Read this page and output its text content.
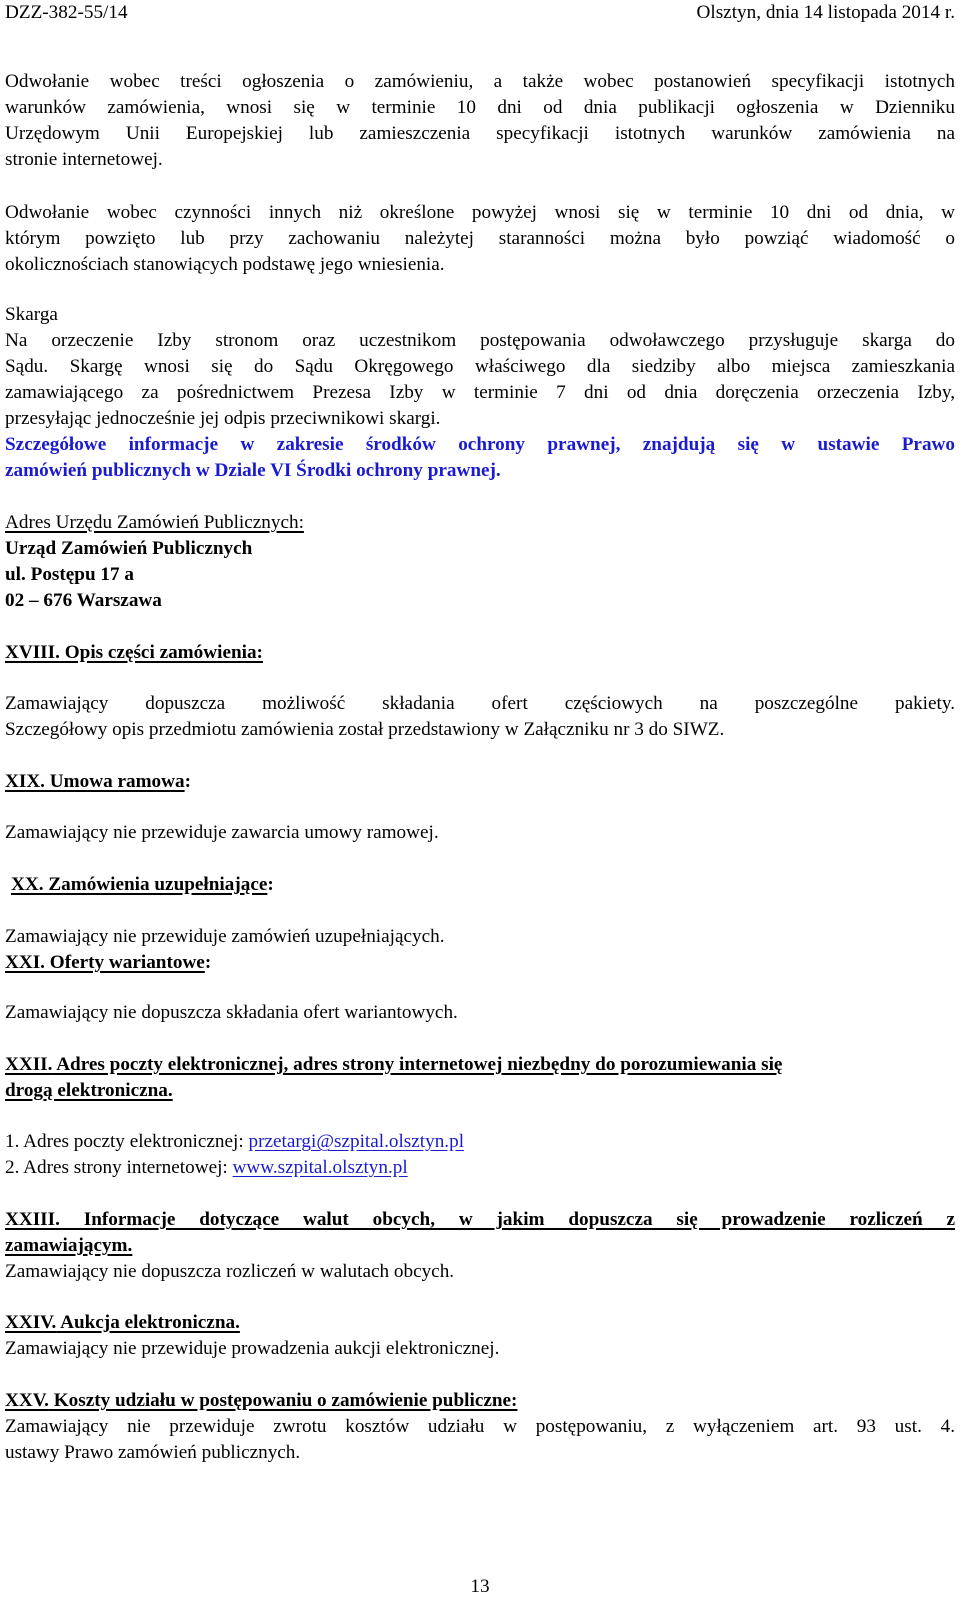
DZZ-382-55/14	Olsztyn, dnia 14 listopada 2014 r.
Odwołanie wobec treści ogłoszenia o zamówieniu, a także wobec postanowień specyfikacji istotnych
warunków zamówienia, wnosi się w terminie 10 dni od dnia publikacji ogłoszenia w Dzienniku
Urzędowym Unii Europejskiej lub zamieszczenia specyfikacji istotnych warunków zamówienia na
stronie internetowej.
Odwołanie wobec czynności innych niż określone powyżej wnosi się w terminie 10 dni od dnia, w
którym powzięto lub przy zachowaniu należytej staranności można było powziąć wiadomość o
okolicznościach stanowiących podstawę jego wniesienia.
Skarga
Na orzeczenie Izby stronom oraz uczestnikom postępowania odwoławczego przysługuje skarga do
Sądu. Skargę wnosi się do Sądu Okręgowego właściwego dla siedziby albo miejsca zamieszkania
zamawiającego za pośrednictwem Prezesa Izby w terminie 7 dni od dnia doręczenia orzeczenia Izby,
przesyłając jednocześnie jej odpis przeciwnikowi skargi.
Szczegółowe informacje w zakresie środków ochrony prawnej, znajdują się w ustawie Prawo
zamówień publicznych w Dziale VI Środki ochrony prawnej.
Adres Urzędu Zamówień Publicznych:
Urząd Zamówień Publicznych
ul. Postępu 17 a
02 – 676 Warszawa
XVIII. Opis części zamówienia:
Zamawiający dopuszcza możliwość składania ofert częściowych na poszczególne pakiety.
Szczegółowy opis przedmiotu zamówienia został przedstawiony w Załączniku nr 3 do SIWZ.
XIX. Umowa ramowa:
Zamawiający nie przewiduje zawarcia umowy ramowej.
XX. Zamówienia uzupełniające:
Zamawiający nie przewiduje zamówień uzupełniających.
XXI. Oferty wariantowe:
Zamawiający nie dopuszcza składania ofert wariantowych.
XXII. Adres poczty elektronicznej, adres strony internetowej niezbędny do porozumiewania się
drogą elektroniczna.
1. Adres poczty elektronicznej: przetargi@szpital.olsztyn.pl
2. Adres strony internetowej: www.szpital.olsztyn.pl
XXIII. Informacje dotyczące walut obcych, w jakim dopuszcza się prowadzenie rozliczeń z
zamawiającym.
Zamawiający nie dopuszcza rozliczeń w walutach obcych.
XXIV. Aukcja elektroniczna.
Zamawiający nie przewiduje prowadzenia aukcji elektronicznej.
XXV. Koszty udziału w postępowaniu o zamówienie publiczne:
Zamawiający nie przewiduje zwrotu kosztów udziału w postępowaniu, z wyłączeniem art. 93 ust. 4.
ustawy Prawo zamówień publicznych.
13
